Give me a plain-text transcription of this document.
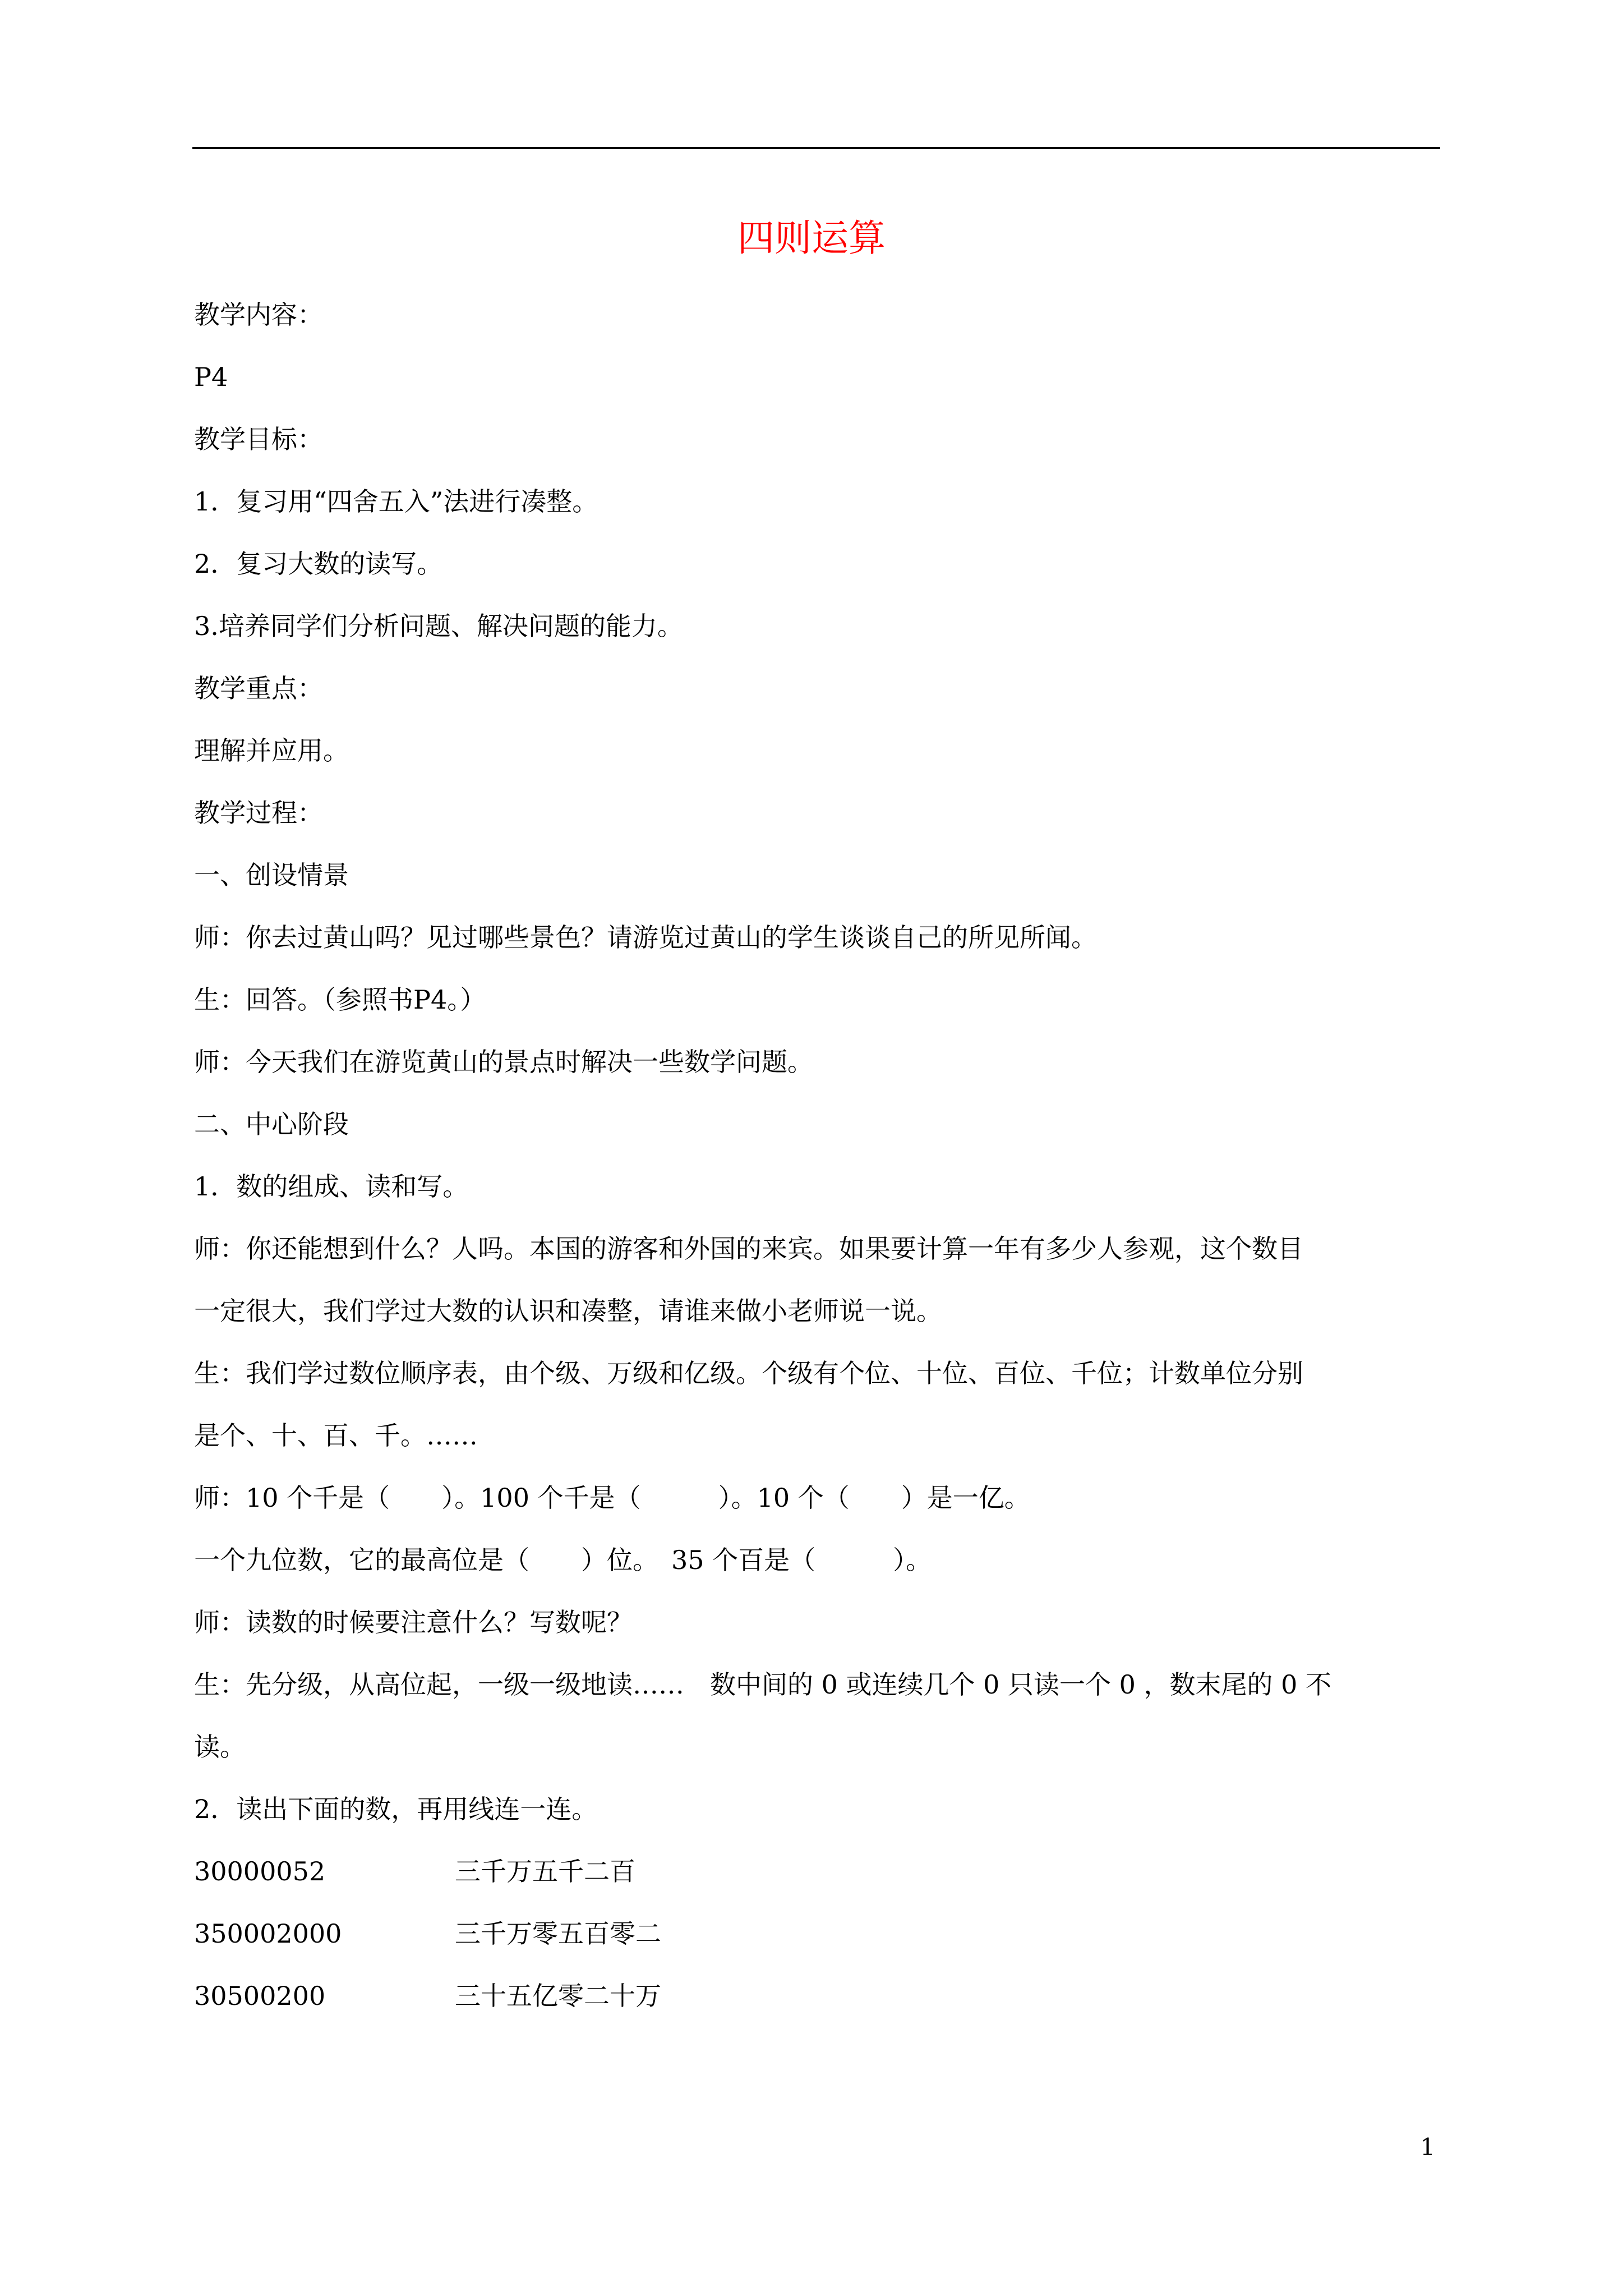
四则运算
教学内容：
P4
教学目标：
1．复习用“四舍五入”法进行凑整。
2．复习大数的读写。
3.培养同学们分析问题、解决问题的能力。
教学重点：
理解并应用。
教学过程：
一、创设情景
师：你去过黄山吗？见过哪些景色？请游览过黄山的学生谈谈自己的所见所闻。
生：回答。（参照书P4。）
师：今天我们在游览黄山的景点时解决一些数学问题。
二、中心阶段
1．数的组成、读和写。
师：你还能想到什么？人吗。本国的游客和外国的来宾。如果要计算一年有多少人参观，这个数目
一定很大，我们学过大数的认识和凑整，请谁来做小老师说一说。
生：我们学过数位顺序表，由个级、万级和亿级。个级有个位、十位、百位、千位；计数单位分别
是个、十、百、千。……
师：10 个千是（　　）。100 个千是（　　　）。10 个（　　）是一亿。
一个九位数，它的最高位是（　　）位。　35 个百是（　　　）。
师：读数的时候要注意什么？写数呢？
生：先分级，从高位起，一级一级地读……　数中间的 0 或连续几个 0 只读一个 0 ，数末尾的 0 不
读。
2．读出下面的数，再用线连一连。
30000052	三千万五千二百
350002000	三千万零五百零二
30500200	三十五亿零二十万
1
